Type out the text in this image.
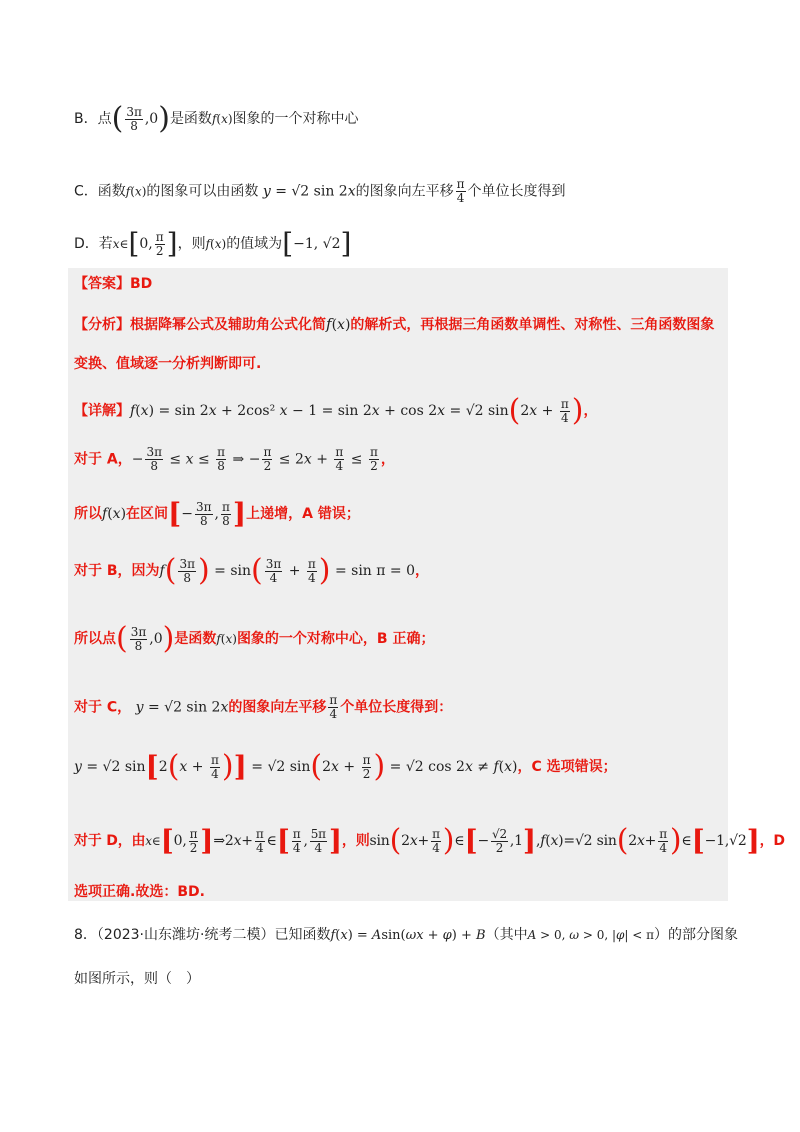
B．点( $\frac{3\pi}{8} ,0$)是函数f(x)图象的一个对称中心
C．函数f(x)的图象可以由函数 y = √2 sin 2x的图象向左平移 $\frac{\pi}{4}$ 个单位长度得到
D．若x∈[0, $\frac{\pi}{2}$ ]，则f(x)的值域为[−1, √2]
【答案】BD
【分析】根据降幂公式及辅助角公式化简f(x)的解析式，再根据三角函数单调性、对称性、三角函数图象
变换、值域逐一分析判断即可.
【详解】f(x) = sin 2x + 2cos² x − 1 = sin 2x + cos 2x = √2 $\sin(2x + \frac{\pi}{4}$ )，
对于 A，− $\frac{3\pi}{8} \le x \le \frac{\pi}{8}$ ⇒ − $\frac{\pi}{2} \le 2x + \frac{\pi}{4} \le \frac{\pi}{2}$ ，
所以f(x)在区间[− $\frac{3\pi}{8}$ , $\frac{\pi}{8}$ ]上递增，A 错误；
对于 B，因为$f( \frac{3\pi}{8}$ ) = $\sin( \frac{3\pi}{4} + \frac{\pi}{4}$ ) = sin π = 0，
所以点( $\frac{3\pi}{8} ,0$)是函数f(x)图象的一个对称中心，B 正确；
对于 C， y = √2 sin 2x的图象向左平移 $\frac{\pi}{4}$ 个单位长度得到：
y = √2 $\sin[2(x + \frac{\pi}{4}$ )] = √2 $\sin(2x + \frac{\pi}{2}$ ) = √2 cos 2x ≠ f(x)，C 选项错误；
对于 D，由x∈[0, $\frac{\pi}{2}$ ]⇒2x+ $\frac{\pi}{4}$ ∈[ $\frac{\pi}{4}$ , $\frac{5\pi}{4}$ ]，则$\sin(2x+ \frac{\pi}{4}$ )∈[− $\frac{√2}{2} ,1],f(x)=√2$ $\sin(2x+ \frac{\pi}{4}$ )∈[−1,√2]，D
选项正确.故选：BD.
8．（2023·山东潍坊·统考二模）已知函数f(x) = Asin(ωx + φ) + B（其中A > 0, ω > 0, |φ| < π）的部分图象
如图所示，则（　）
